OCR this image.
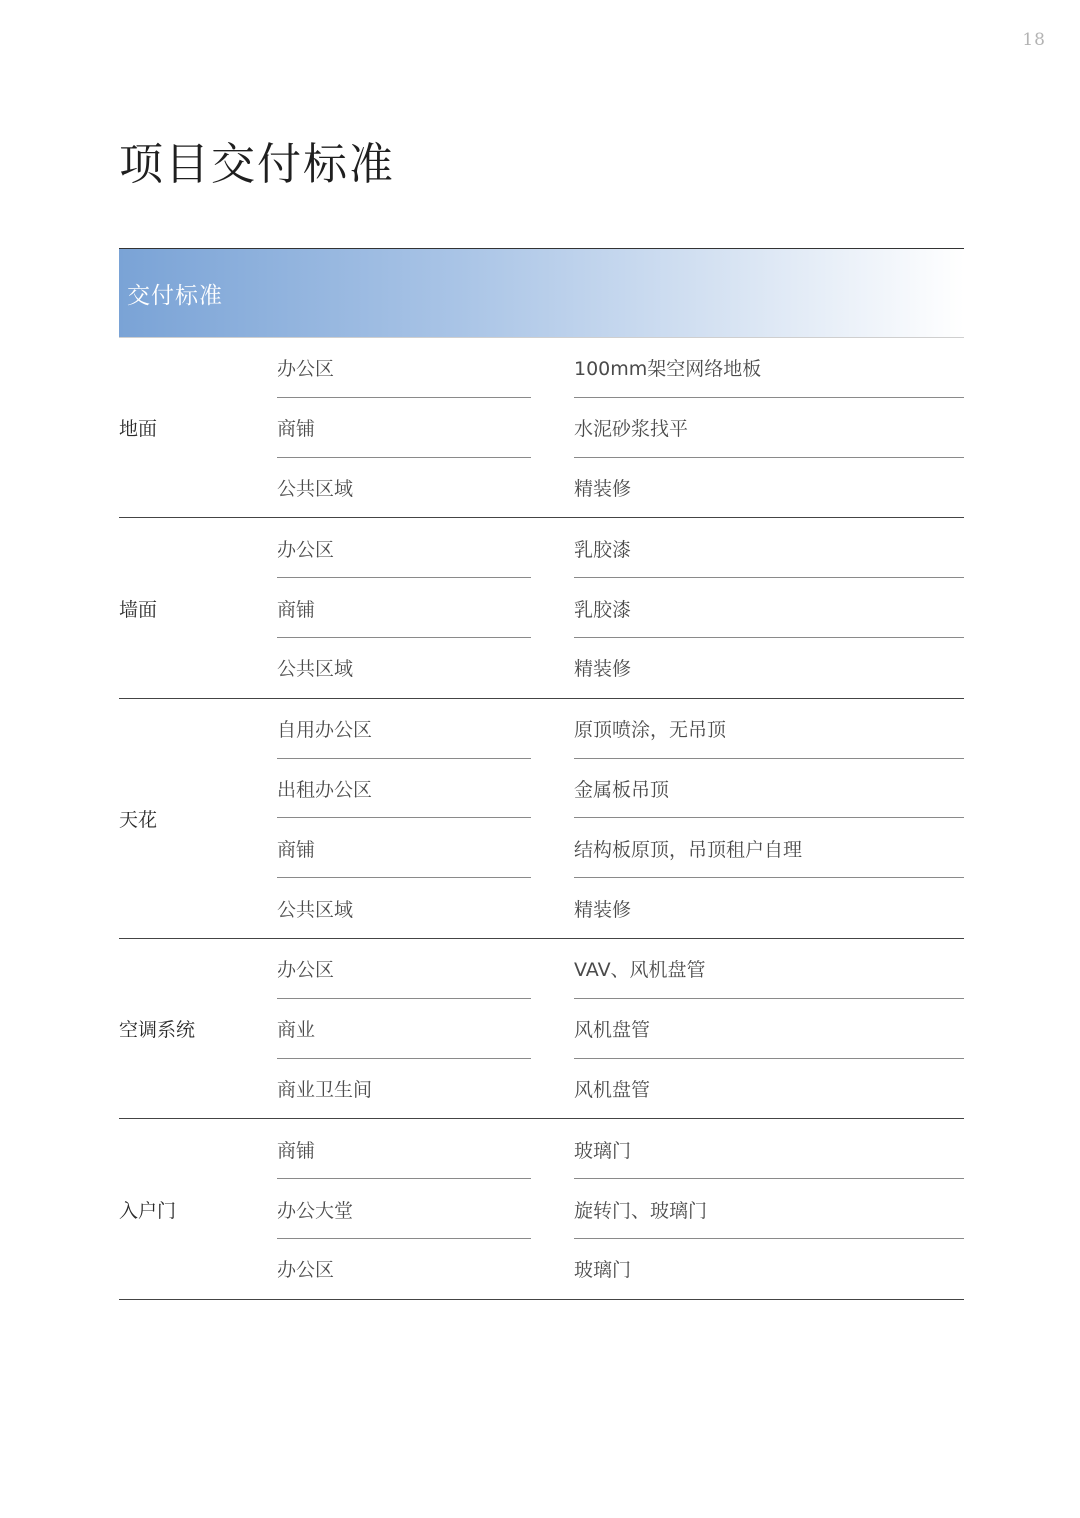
18
项目交付标准
交付标准
地面
办公区	100mm架空网络地板
商铺	水泥砂浆找平
公共区域	精装修
墙面
办公区	乳胶漆
商铺	乳胶漆
公共区域	精装修
天花
自用办公区	原顶喷涂，无吊顶
出租办公区	金属板吊顶
商铺	结构板原顶，吊顶租户自理
公共区域	精装修
空调系统
办公区	VAV、风机盘管
商业	风机盘管
商业卫生间	风机盘管
入户门
商铺	玻璃门
办公大堂	旋转门、玻璃门
办公区	玻璃门
